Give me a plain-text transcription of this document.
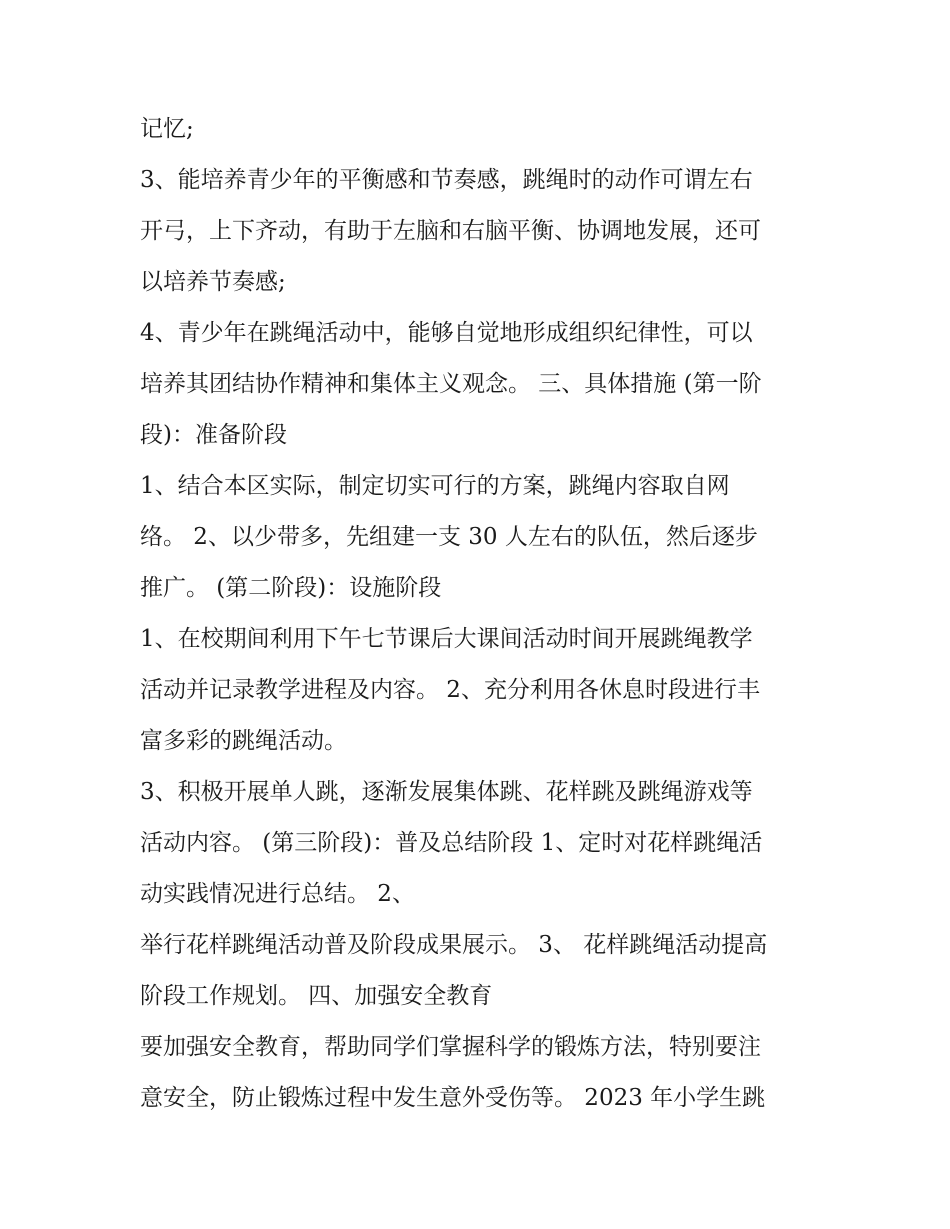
记忆;
3、能培养青少年的平衡感和节奏感，跳绳时的动作可谓左右
开弓，上下齐动，有助于左脑和右脑平衡、协调地发展，还可
以培养节奏感;
4、青少年在跳绳活动中，能够自觉地形成组织纪律性，可以
培养其团结协作精神和集体主义观念。 三、具体措施 (第一阶
段)：准备阶段
1、结合本区实际，制定切实可行的方案，跳绳内容取自网
络。 2、以少带多，先组建一支 30 人左右的队伍，然后逐步
推广。 (第二阶段)：设施阶段
1、在校期间利用下午七节课后大课间活动时间开展跳绳教学
活动并记录教学进程及内容。 2、充分利用各休息时段进行丰
富多彩的跳绳活动。
3、积极开展单人跳，逐渐发展集体跳、花样跳及跳绳游戏等
活动内容。 (第三阶段)：普及总结阶段 1、定时对花样跳绳活
动实践情况进行总结。 2、
举行花样跳绳活动普及阶段成果展示。 3、 花样跳绳活动提高
阶段工作规划。 四、加强安全教育
要加强安全教育，帮助同学们掌握科学的锻炼方法，特别要注
意安全，防止锻炼过程中发生意外受伤等。 2023 年小学生跳
